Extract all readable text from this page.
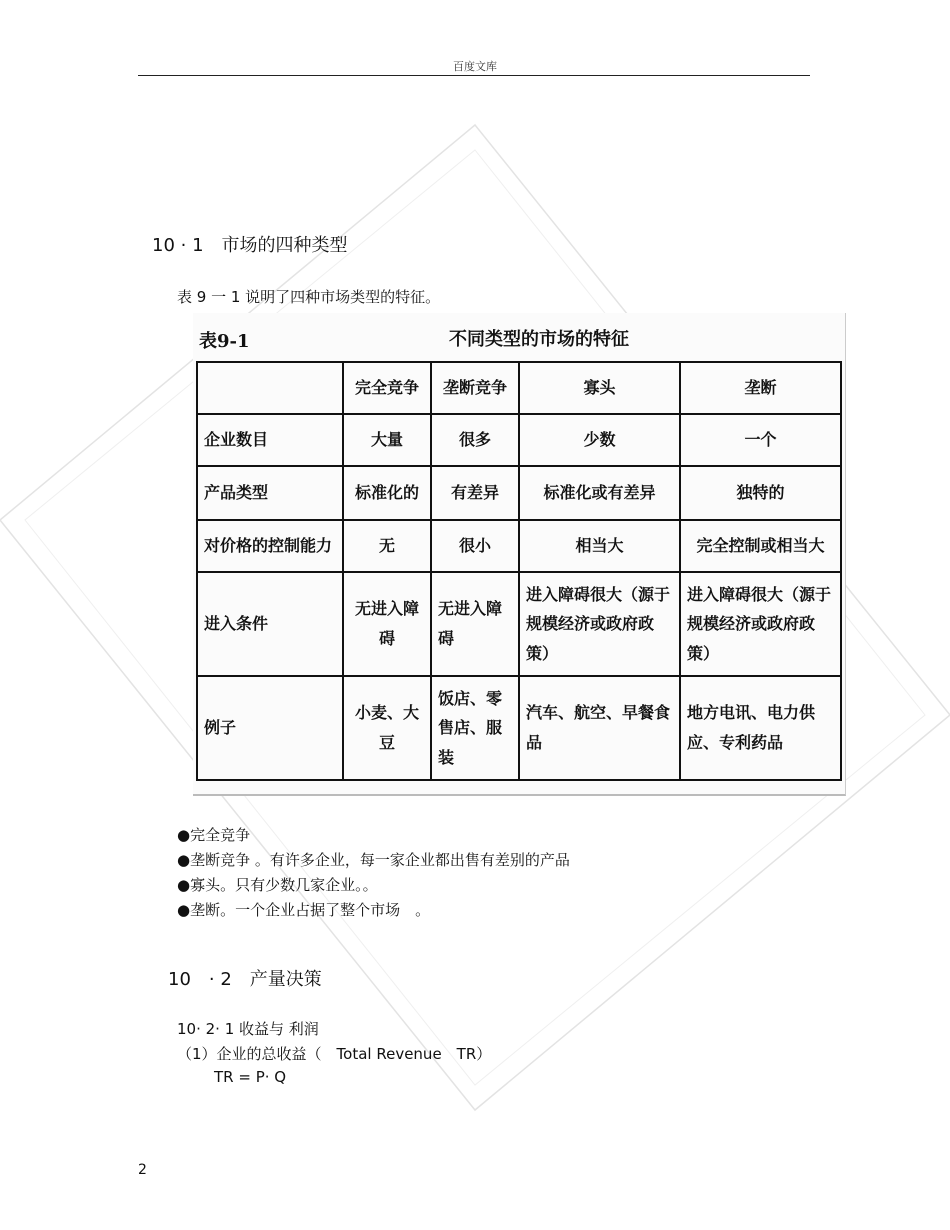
百度文库
10 · 1　市场的四种类型
表 9 一 1 说明了四种市场类型的特征。
表9-1	不同类型的市场的特征
	完全竞争	垄断竞争	寡头	垄断
企业数目	大量	很多	少数	一个
产品类型	标准化的	有差异	标准化或有差异	独特的
对价格的控制能力	无	很小	相当大	完全控制或相当大
进入条件	无进入障碍	无进入障碍	进入障碍很大（源于规模经济或政府政策）	进入障碍很大（源于规模经济或政府政策）
例子	小麦、大豆	饭店、零售店、服装	汽车、航空、早餐食品	地方电讯、电力供应、专利药品
●完全竞争
●垄断竞争 。有许多企业，每一家企业都出售有差别的产品
●寡头。只有少数几家企业。。
●垄断。一个企业占据了整个市场　。
10　· 2　产量决策
10· 2· 1 收益与 利润
（1）企业的总收益（　Total Revenue　TR）
TR = P· Q
2
